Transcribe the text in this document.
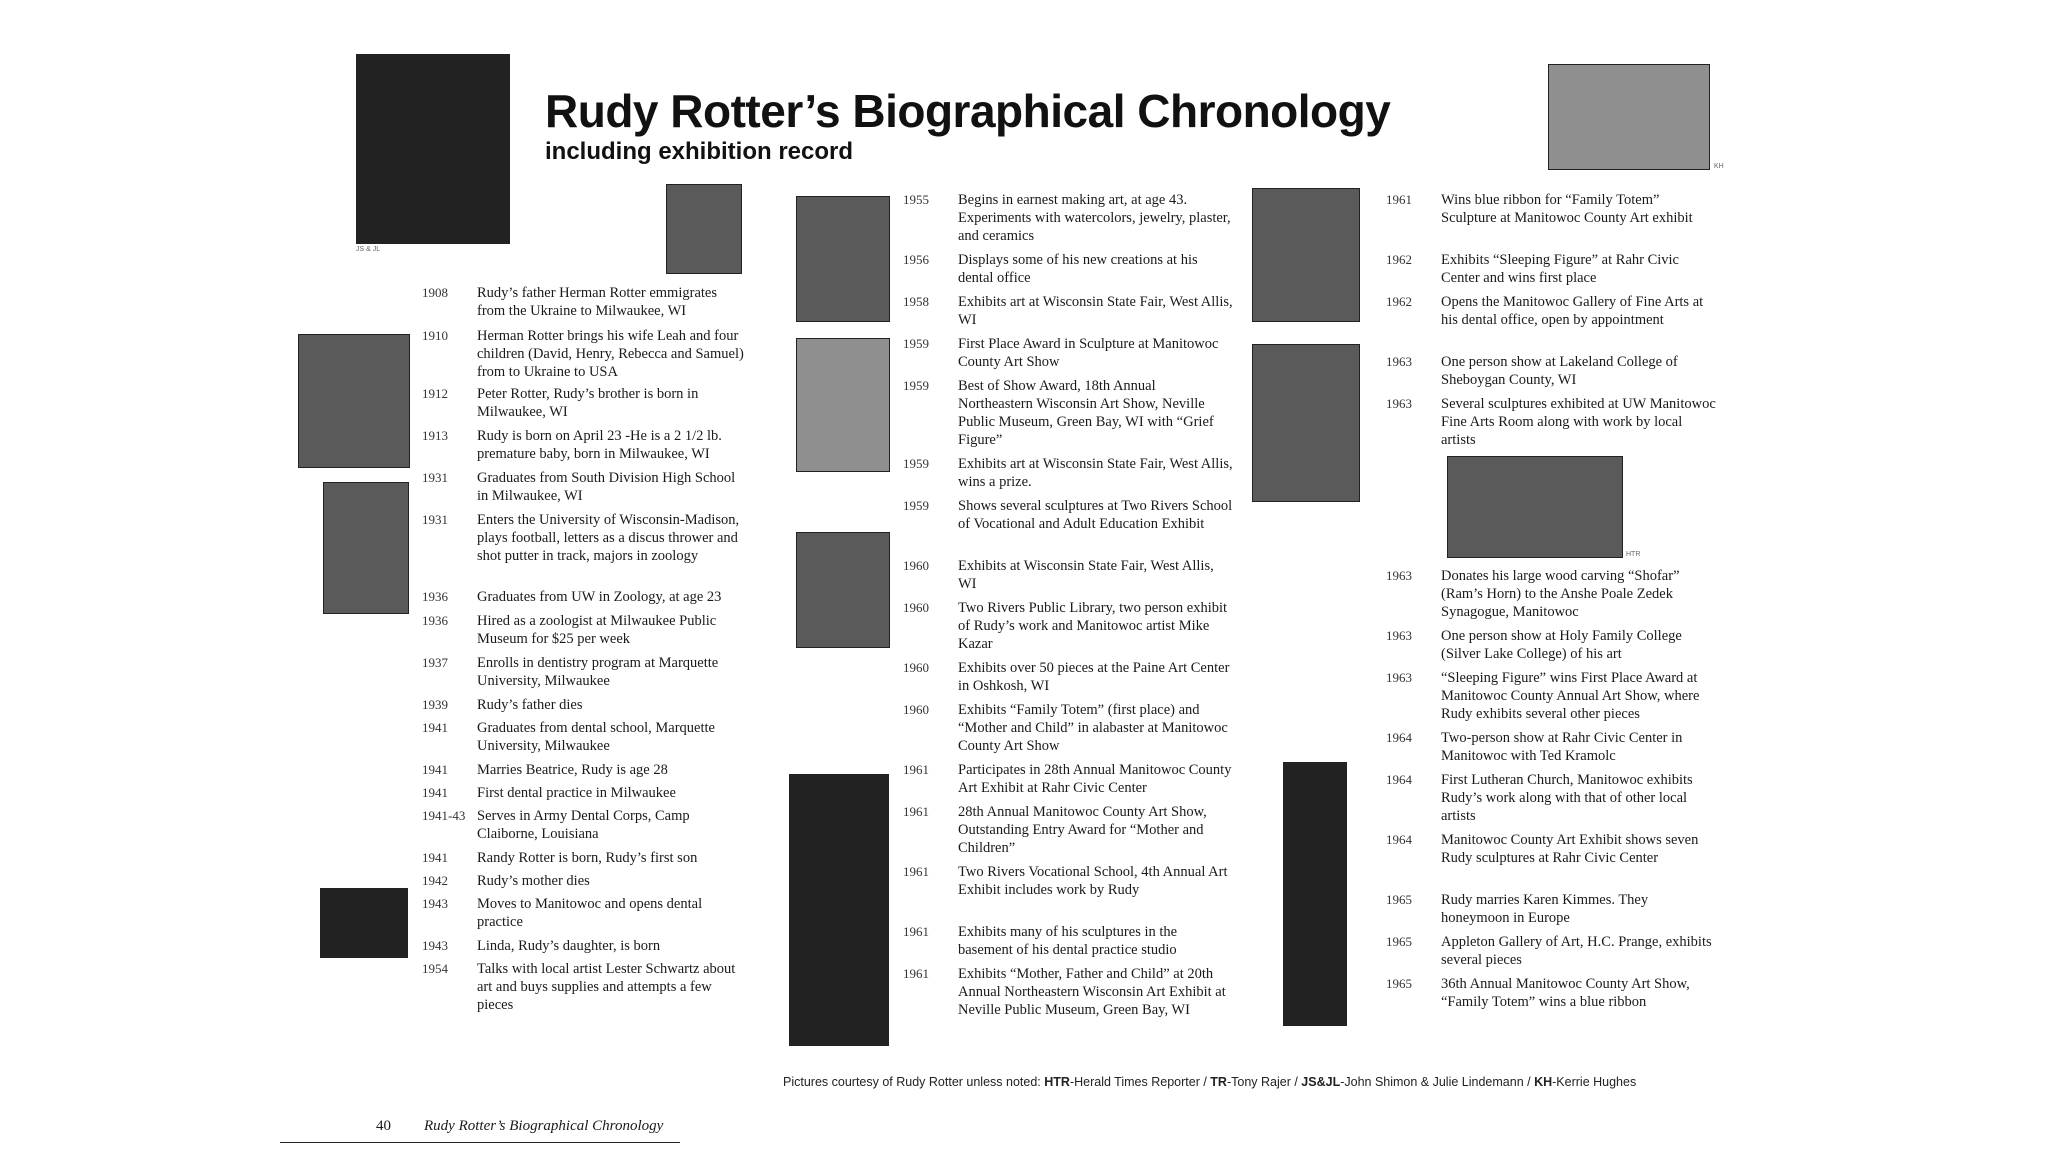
Rudy Rotter’s Biographical Chronology
including exhibition record
JS & JL
KH
HTR
1908	Rudy’s father Herman Rotter emmigrates from the Ukraine to Milwaukee, WI
1910	Herman Rotter brings his wife Leah and four children (David, Henry, Rebecca and Samuel) from to Ukraine to USA
1912	Peter Rotter, Rudy’s brother is born in Milwaukee, WI
1913	Rudy is born on April 23 -He is a 2 1/2 lb. premature baby, born in Milwaukee, WI
1931	Graduates from South Division High School in Milwaukee, WI
1931	Enters the University of Wisconsin-Madison, plays football, letters as a discus thrower and shot putter in track, majors in zoology
1936	Graduates from UW in Zoology, at age 23
1936	Hired as a zoologist at Milwaukee Public Museum for $25 per week
1937	Enrolls in dentistry program at Marquette University, Milwaukee
1939	Rudy’s father dies
1941	Graduates from dental school, Marquette University, Milwaukee
1941	Marries Beatrice, Rudy is age 28
1941	First dental practice in Milwaukee
1941-43 Serves in Army Dental Corps, Camp Claiborne, Louisiana
1941	Randy Rotter is born, Rudy’s first son
1942	Rudy’s mother dies
1943	Moves to Manitowoc and opens dental practice
1943	Linda, Rudy’s daughter, is born
1954	Talks with local artist Lester Schwartz about art and buys supplies and attempts a few pieces
1955	Begins in earnest making art, at age 43. Experiments with watercolors, jewelry, plaster, and ceramics
1956	Displays some of his new creations at his dental office
1958	Exhibits art at Wisconsin State Fair, West Allis, WI
1959	First Place Award in Sculpture at Manitowoc County Art Show
1959	Best of Show Award, 18th Annual Northeastern Wisconsin Art Show, Neville Public Museum, Green Bay, WI with “Grief Figure”
1959	Exhibits art at Wisconsin State Fair, West Allis, wins a prize.
1959	Shows several sculptures at Two Rivers School of Vocational and Adult Education Exhibit
1960	Exhibits at Wisconsin State Fair, West Allis, WI
1960	Two Rivers Public Library, two person exhibit of Rudy’s work and Manitowoc artist Mike Kazar
1960	Exhibits over 50 pieces at the Paine Art Center in Oshkosh, WI
1960	Exhibits “Family Totem” (first place) and “Mother and Child” in alabaster at Manitowoc County Art Show
1961	Participates in 28th Annual Manitowoc County Art Exhibit at Rahr Civic Center
1961	28th Annual Manitowoc County Art Show, Outstanding Entry Award for “Mother and Children”
1961	Two Rivers Vocational School, 4th Annual Art Exhibit includes work by Rudy
1961	Exhibits many of his sculptures in the basement of his dental practice studio
1961	Exhibits “Mother, Father and Child” at 20th Annual Northeastern Wisconsin Art Exhibit at Neville Public Museum, Green Bay, WI
1961	Wins blue ribbon for “Family Totem” Sculpture at Manitowoc County Art exhibit
1962	Exhibits “Sleeping Figure” at Rahr Civic Center and wins first place
1962	Opens the Manitowoc Gallery of Fine Arts at his dental office, open by appointment
1963	One person show at Lakeland College of Sheboygan County, WI
1963	Several sculptures exhibited at UW Manitowoc Fine Arts Room along with work by local artists
1963	Donates his large wood carving “Shofar” (Ram’s Horn) to the Anshe Poale Zedek Synagogue, Manitowoc
1963	One person show at Holy Family College (Silver Lake College) of his art
1963	“Sleeping Figure” wins First Place Award at Manitowoc County Annual Art Show, where Rudy exhibits several other pieces
1964	Two-person show at Rahr Civic Center in Manitowoc with Ted Kramolc
1964	First Lutheran Church, Manitowoc exhibits Rudy’s work along with that of other local artists
1964	Manitowoc County Art Exhibit shows seven Rudy sculptures at Rahr Civic Center
1965	Rudy marries Karen Kimmes. They honeymoon in Europe
1965	Appleton Gallery of Art, H.C. Prange, exhibits several pieces
1965	36th Annual Manitowoc County Art Show, “Family Totem” wins a blue ribbon
Pictures courtesy of Rudy Rotter unless noted: HTR-Herald Times Reporter / TR-Tony Rajer / JS&JL-John Shimon & Julie Lindemann / KH-Kerrie Hughes
40 Rudy Rotter’s Biographical Chronology
